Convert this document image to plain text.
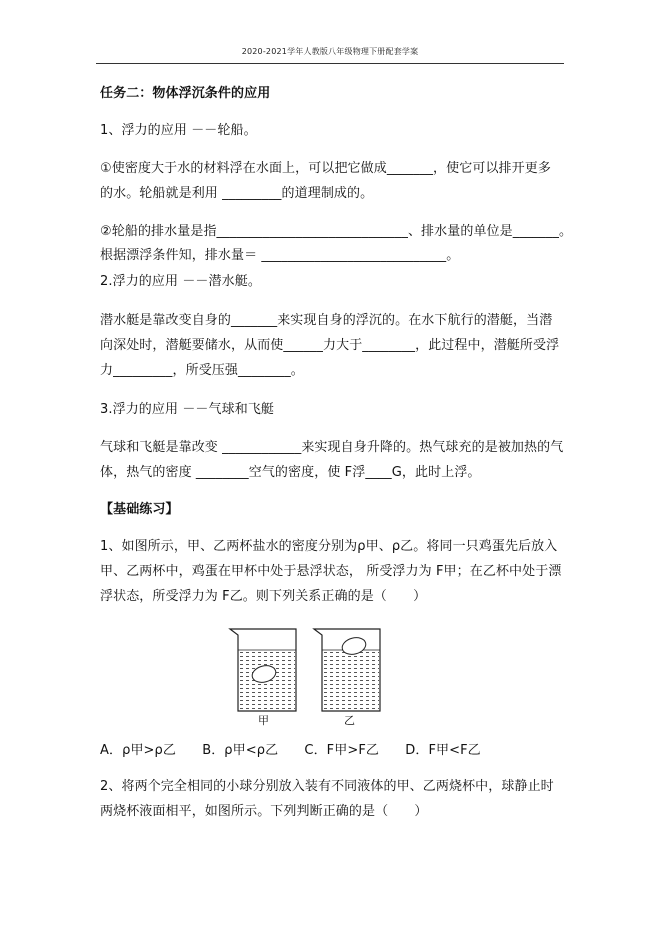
2020-2021学年人教版八年级物理下册配套学案
任务二：物体浮沉条件的应用
1、浮力的应用 －－轮船。
①使密度大于水的材料浮在水面上，可以把它做成_______，使它可以排开更多
的水。轮船就是利用 _________的道理制成的。
②轮船的排水量是指_____________________________、排水量的单位是_______。
根据漂浮条件知，排水量＝ ____________________________。
2.浮力的应用 －－潜水艇。
潜水艇是靠改变自身的_______来实现自身的浮沉的。在水下航行的潜艇，当潜
向深处时，潜艇要储水，从而使______力大于________，此过程中，潜艇所受浮
力_________，所受压强________。
3.浮力的应用 －－气球和飞艇
气球和飞艇是靠改变 ____________来实现自身升降的。热气球充的是被加热的气
体，热气的密度 ________空气的密度，使 F浮____G，此时上浮。
【基础练习】
1、如图所示，甲、乙两杯盐水的密度分别为ρ甲、ρ乙。将同一只鸡蛋先后放入
甲、乙两杯中，鸡蛋在甲杯中处于悬浮状态， 所受浮力为 F甲；在乙杯中处于漂
浮状态，所受浮力为 F乙。则下列关系正确的是（　　）
A．ρ甲>ρ乙　　B．ρ甲<ρ乙　　C．F甲>F乙　　D．F甲<F乙
2、将两个完全相同的小球分别放入装有不同液体的甲、乙两烧杯中，球静止时
两烧杯液面相平，如图所示。下列判断正确的是（　　）
甲	乙
